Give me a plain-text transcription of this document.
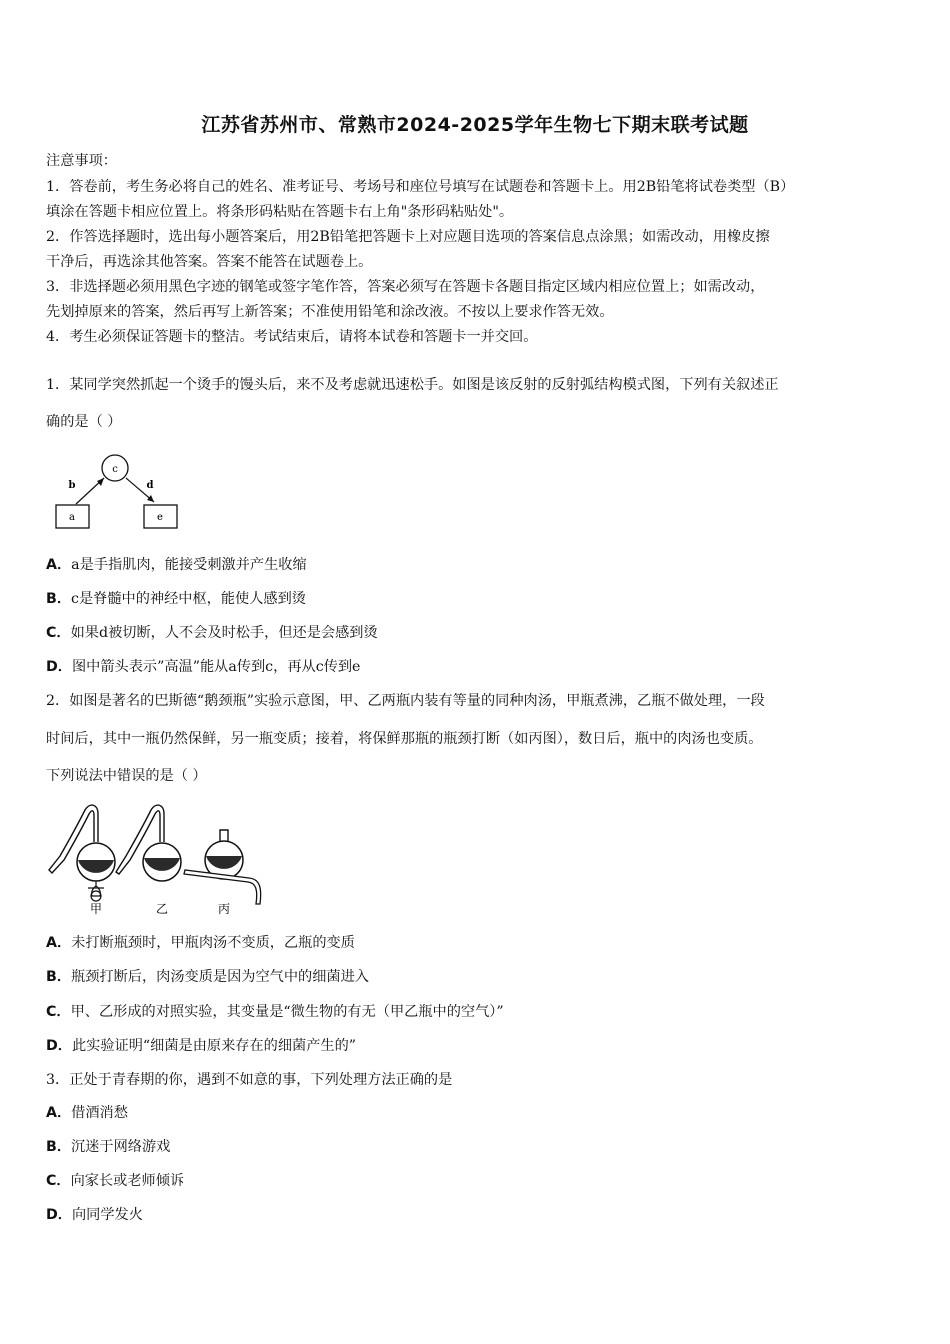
江苏省苏州市、常熟市2024-2025学年生物七下期末联考试题
注意事项：
1．答卷前，考生务必将自己的姓名、准考证号、考场号和座位号填写在试题卷和答题卡上。用2B铅笔将试卷类型（B）
填涂在答题卡相应位置上。将条形码粘贴在答题卡右上角"条形码粘贴处"。
2．作答选择题时，选出每小题答案后，用2B铅笔把答题卡上对应题目选项的答案信息点涂黑；如需改动，用橡皮擦
干净后，再选涂其他答案。答案不能答在试题卷上。
3．非选择题必须用黑色字迹的钢笔或签字笔作答，答案必须写在答题卡各题目指定区域内相应位置上；如需改动，
先划掉原来的答案，然后再写上新答案；不准使用铅笔和涂改液。不按以上要求作答无效。
4．考生必须保证答题卡的整洁。考试结束后，请将本试卷和答题卡一并交回。
1．某同学突然抓起一个烫手的馒头后，来不及考虑就迅速松手。如图是该反射的反射弧结构模式图，下列有关叙述正
确的是（ ）
c
b	d
a	e
A．a是手指肌肉，能接受刺激并产生收缩
B．c是脊髓中的神经中枢，能使人感到烫
C．如果d被切断，人不会及时松手，但还是会感到烫
D．图中箭头表示”高温”能从a传到c，再从c传到e
2．如图是著名的巴斯德“鹅颈瓶”实验示意图，甲、乙两瓶内装有等量的同种肉汤，甲瓶煮沸，乙瓶不做处理，一段
时间后，其中一瓶仍然保鲜，另一瓶变质；接着，将保鲜那瓶的瓶颈打断（如丙图），数日后，瓶中的肉汤也变质。
下列说法中错误的是（ ）
甲	乙	丙
A．未打断瓶颈时，甲瓶肉汤不变质，乙瓶的变质
B．瓶颈打断后，肉汤变质是因为空气中的细菌进入
C．甲、乙形成的对照实验，其变量是“微生物的有无（甲乙瓶中的空气）”
D．此实验证明“细菌是由原来存在的细菌产生的”
3．正处于青春期的你，遇到不如意的事，下列处理方法正确的是
A．借酒消愁
B．沉迷于网络游戏
C．向家长或老师倾诉
D．向同学发火
